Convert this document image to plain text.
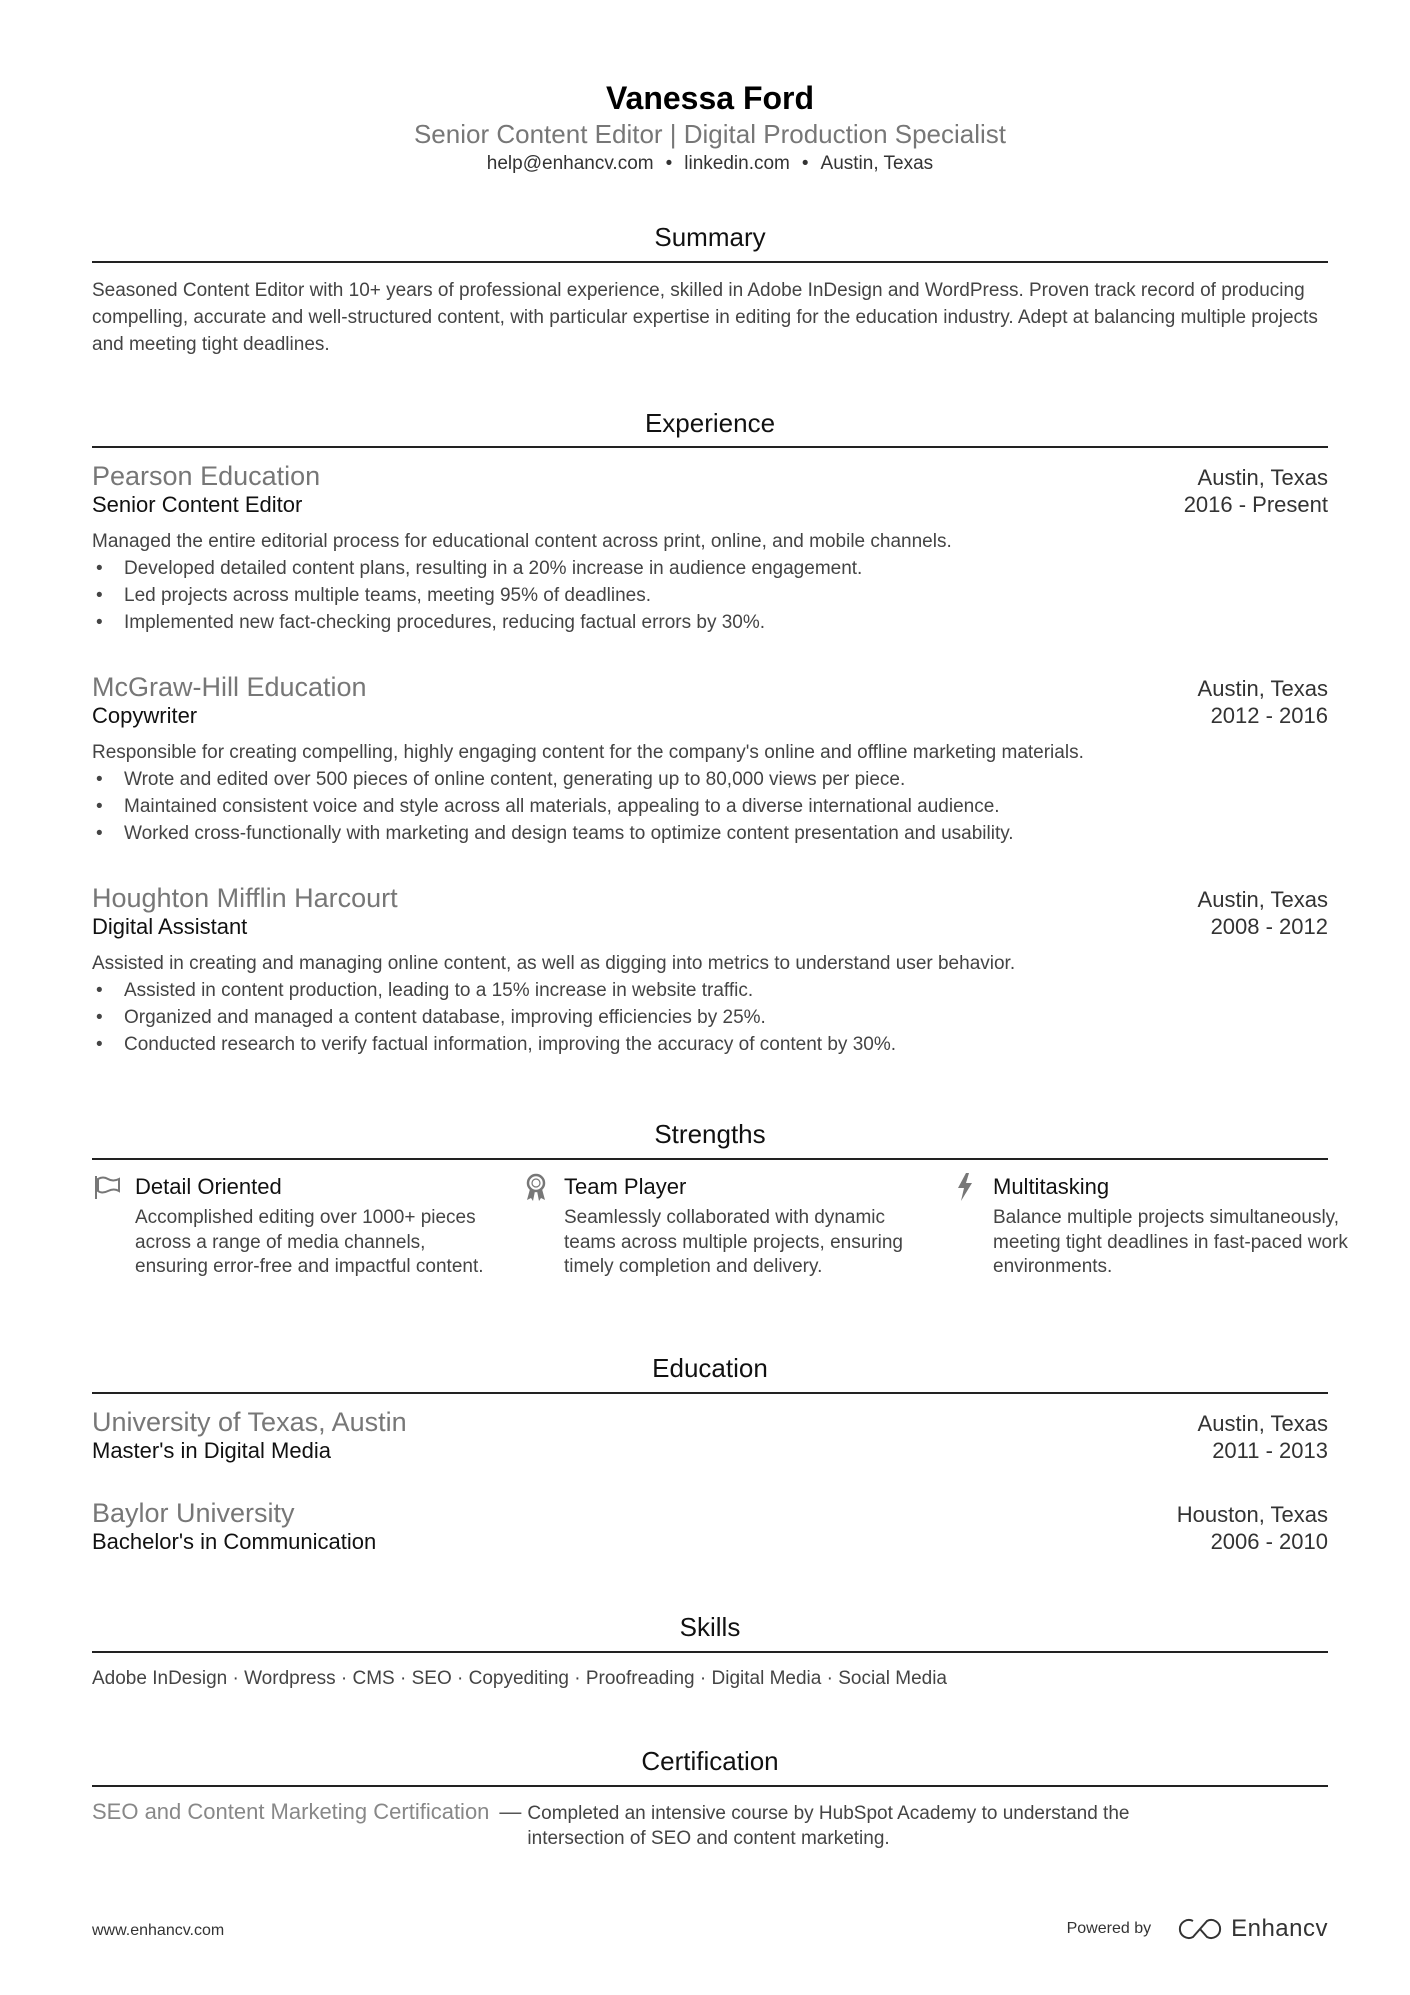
Vanessa Ford
Senior Content Editor | Digital Production Specialist
help@enhancv.com • linkedin.com • Austin, Texas
Summary
Seasoned Content Editor with 10+ years of professional experience, skilled in Adobe InDesign and WordPress. Proven track record of producing compelling, accurate and well-structured content, with particular expertise in editing for the education industry. Adept at balancing multiple projects and meeting tight deadlines.
Experience
Pearson Education	Austin, Texas
Senior Content Editor	2016 - Present
Managed the entire editorial process for educational content across print, online, and mobile channels.
• Developed detailed content plans, resulting in a 20% increase in audience engagement.
• Led projects across multiple teams, meeting 95% of deadlines.
• Implemented new fact-checking procedures, reducing factual errors by 30%.
McGraw-Hill Education	Austin, Texas
Copywriter	2012 - 2016
Responsible for creating compelling, highly engaging content for the company's online and offline marketing materials.
• Wrote and edited over 500 pieces of online content, generating up to 80,000 views per piece.
• Maintained consistent voice and style across all materials, appealing to a diverse international audience.
• Worked cross-functionally with marketing and design teams to optimize content presentation and usability.
Houghton Mifflin Harcourt	Austin, Texas
Digital Assistant	2008 - 2012
Assisted in creating and managing online content, as well as digging into metrics to understand user behavior.
• Assisted in content production, leading to a 15% increase in website traffic.
• Organized and managed a content database, improving efficiencies by 25%.
• Conducted research to verify factual information, improving the accuracy of content by 30%.
Strengths
Detail Oriented
Accomplished editing over 1000+ pieces across a range of media channels, ensuring error-free and impactful content.
Team Player
Seamlessly collaborated with dynamic teams across multiple projects, ensuring timely completion and delivery.
Multitasking
Balance multiple projects simultaneously, meeting tight deadlines in fast-paced work environments.
Education
University of Texas, Austin	Austin, Texas
Master's in Digital Media	2011 - 2013
Baylor University	Houston, Texas
Bachelor's in Communication	2006 - 2010
Skills
Adobe InDesign · Wordpress · CMS · SEO · Copyediting · Proofreading · Digital Media · Social Media
Certification
SEO and Content Marketing Certification — Completed an intensive course by HubSpot Academy to understand the intersection of SEO and content marketing.
www.enhancv.com	Powered by	Enhancv
